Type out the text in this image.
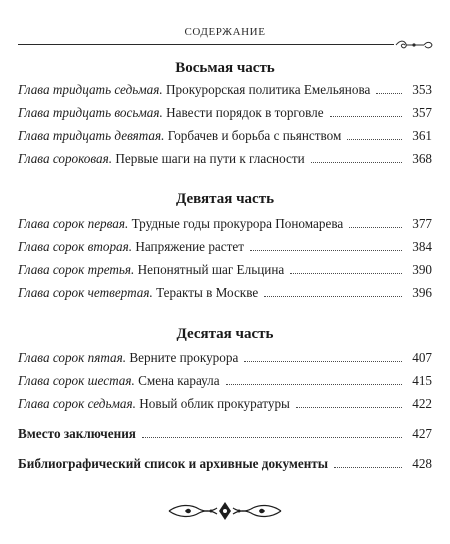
СОДЕРЖАНИЕ
Восьмая часть
Глава тридцать седьмая. Прокурорская политика Емельянова	353
Глава тридцать восьмая. Навести порядок в торговле	357
Глава тридцать девятая. Горбачев и борьба с пьянством	361
Глава сороковая. Первые шаги на пути к гласности	368
Девятая часть
Глава сорок первая. Трудные годы прокурора Пономарева	377
Глава сорок вторая. Напряжение растет	384
Глава сорок третья. Непонятный шаг Ельцина	390
Глава сорок четвертая. Теракты в Москве	396
Десятая часть
Глава сорок пятая. Верните прокурора	407
Глава сорок шестая. Смена караула	415
Глава сорок седьмая. Новый облик прокуратуры	422
Вместо заключения	427
Библиографический список и архивные документы	428
